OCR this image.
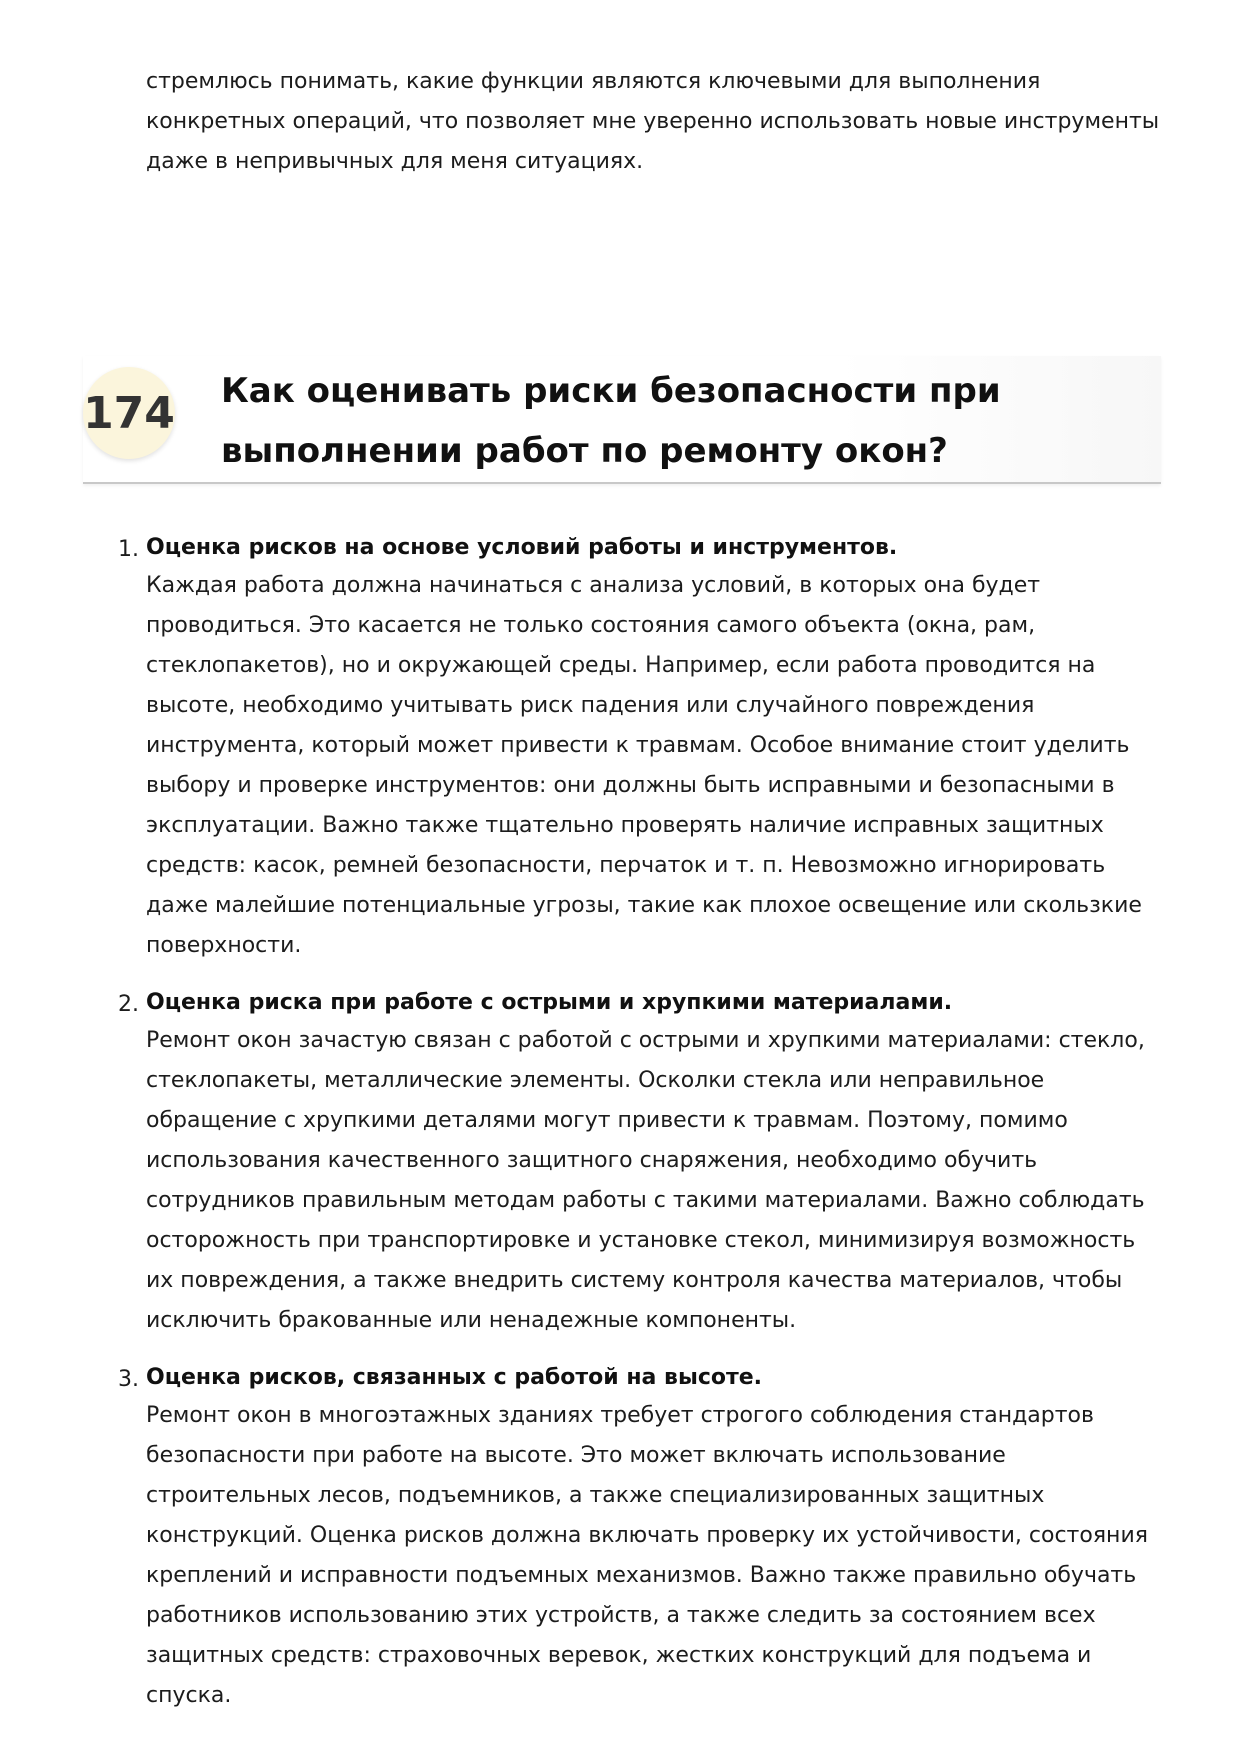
стремлюсь понимать, какие функции являются ключевыми для выполнения конкретных операций, что позволяет мне уверенно использовать новые инструменты даже в непривычных для меня ситуациях.

174 Как оценивать риски безопасности при выполнении работ по ремонту окон?
1. Оценка рисков на основе условий работы и инструментов.
Каждая работа должна начинаться с анализа условий, в которых она будет проводиться. Это касается не только состояния самого объекта (окна, рам, стеклопакетов), но и окружающей среды. Например, если работа проводится на высоте, необходимо учитывать риск падения или случайного повреждения инструмента, который может привести к травмам. Особое внимание стоит уделить выбору и проверке инструментов: они должны быть исправными и безопасными в эксплуатации. Важно также тщательно проверять наличие исправных защитных средств: касок, ремней безопасности, перчаток и т. п. Невозможно игнорировать даже малейшие потенциальные угрозы, такие как плохое освещение или скользкие поверхности.
2. Оценка риска при работе с острыми и хрупкими материалами.
Ремонт окон зачастую связан с работой с острыми и хрупкими материалами: стекло, стеклопакеты, металлические элементы. Осколки стекла или неправильное обращение с хрупкими деталями могут привести к травмам. Поэтому, помимо использования качественного защитного снаряжения, необходимо обучить сотрудников правильным методам работы с такими материалами. Важно соблюдать осторожность при транспортировке и установке стекол, минимизируя возможность их повреждения, а также внедрить систему контроля качества материалов, чтобы исключить бракованные или ненадежные компоненты.
3. Оценка рисков, связанных с работой на высоте.
Ремонт окон в многоэтажных зданиях требует строгого соблюдения стандартов безопасности при работе на высоте. Это может включать использование строительных лесов, подъемников, а также специализированных защитных конструкций. Оценка рисков должна включать проверку их устойчивости, состояния креплений и исправности подъемных механизмов. Важно также правильно обучать работников использованию этих устройств, а также следить за состоянием всех защитных средств: страховочных веревок, жестких конструкций для подъема и спуска.
